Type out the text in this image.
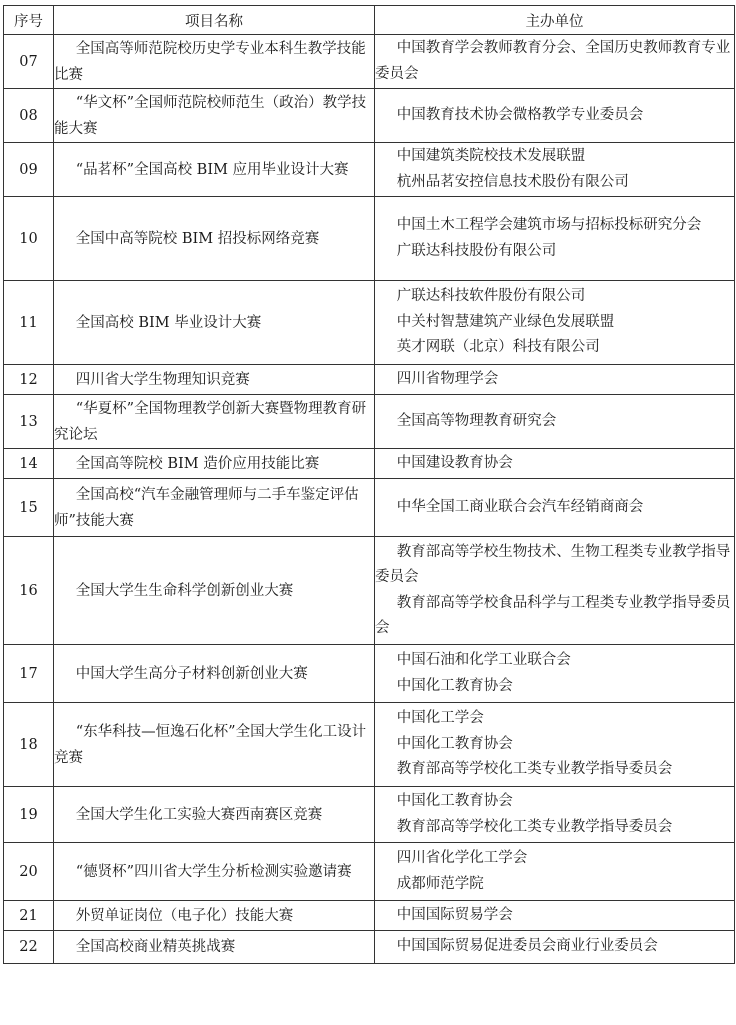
序号	项目名称	主办单位
07	全国高等师范院校历史学专业本科生教学技能比赛	中国教育学会教师教育分会、全国历史教师教育专业委员会

08	“华文杯”全国师范院校师范生（政治）教学技能大赛	中国教育技术协会微格教学专业委员会

09	“品茗杯”全国高校 BIM 应用毕业设计大赛	中国建筑类院校技术发展联盟
杭州品茗安控信息技术股份有限公司

10	全国中高等院校 BIM 招投标网络竞赛	中国土木工程学会建筑市场与招标投标研究分会
广联达科技股份有限公司

11	全国高校 BIM 毕业设计大赛	广联达科技软件股份有限公司
中关村智慧建筑产业绿色发展联盟
英才网联（北京）科技有限公司

12	四川省大学生物理知识竞赛	四川省物理学会

13	“华夏杯”全国物理教学创新大赛暨物理教育研究论坛	全国高等物理教育研究会

14	全国高等院校 BIM 造价应用技能比赛	中国建设教育协会

15	全国高校“汽车金融管理师与二手车鉴定评估师”技能大赛	中华全国工商业联合会汽车经销商商会

16	全国大学生生命科学创新创业大赛	教育部高等学校生物技术、生物工程类专业教学指导委员会
教育部高等学校食品科学与工程类专业教学指导委员会

17	中国大学生高分子材料创新创业大赛	中国石油和化学工业联合会
中国化工教育协会

18	“东华科技—恒逸石化杯”全国大学生化工设计竞赛	中国化工学会
中国化工教育协会
教育部高等学校化工类专业教学指导委员会

19	全国大学生化工实验大赛西南赛区竞赛	中国化工教育协会
教育部高等学校化工类专业教学指导委员会

20	“德贤杯”四川省大学生分析检测实验邀请赛	四川省化学化工学会
成都师范学院

21	外贸单证岗位（电子化）技能大赛	中国国际贸易学会

22	全国高校商业精英挑战赛	中国国际贸易促进委员会商业行业委员会
